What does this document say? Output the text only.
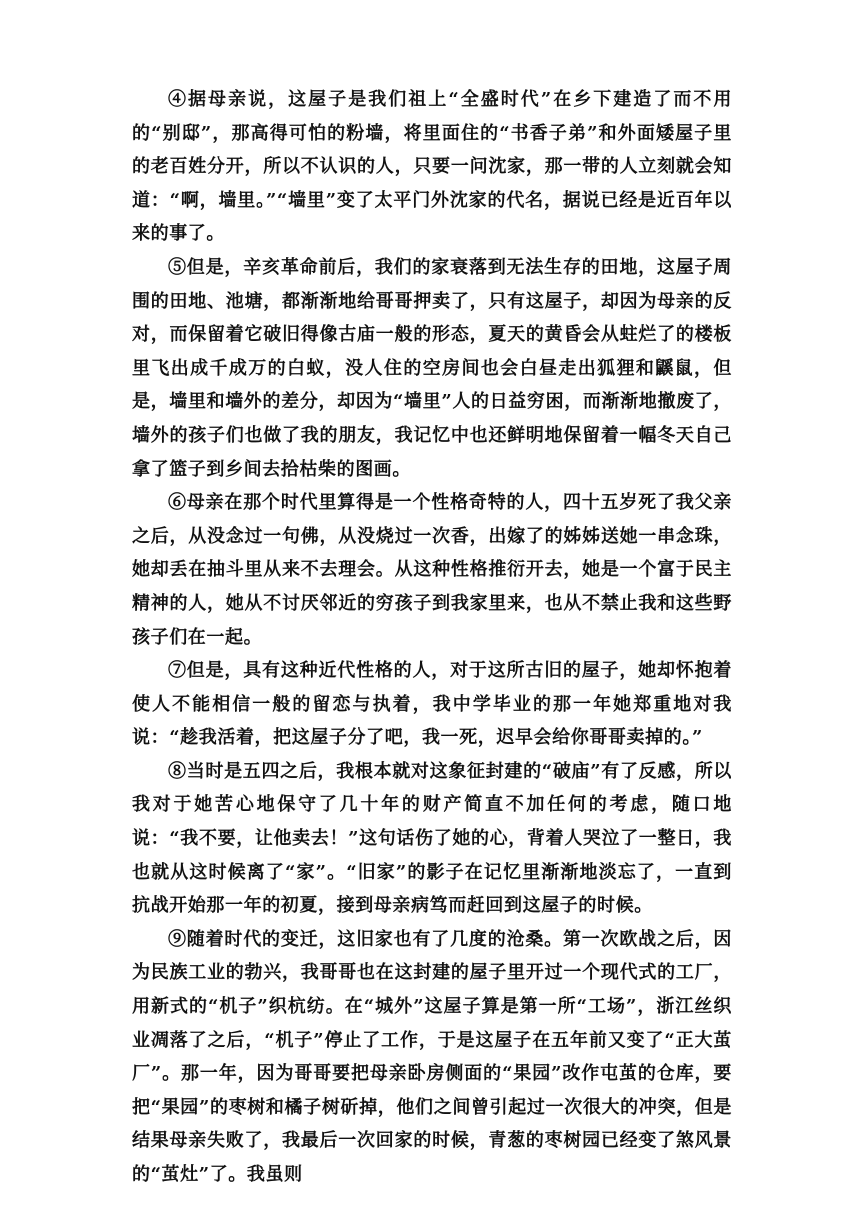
④据母亲说，这屋子是我们祖上“全盛时代”在乡下建造了而不用的“别邸”，那高得可怕的粉墙，将里面住的“书香子弟”和外面矮屋子里的老百姓分开，所以不认识的人，只要一问沈家，那一带的人立刻就会知道：“啊，墙里。”“墙里”变了太平门外沈家的代名，据说已经是近百年以来的事了。

⑤但是，辛亥革命前后，我们的家衰落到无法生存的田地，这屋子周围的田地、池塘，都渐渐地给哥哥押卖了，只有这屋子，却因为母亲的反对，而保留着它破旧得像古庙一般的形态，夏天的黄昏会从蛀烂了的楼板里飞出成千成万的白蚁，没人住的空房间也会白昼走出狐狸和鼷鼠，但是，墙里和墙外的差分，却因为“墙里”人的日益穷困，而渐渐地撤废了，墙外的孩子们也做了我的朋友，我记忆中也还鲜明地保留着一幅冬天自己拿了篮子到乡间去拾枯柴的图画。

⑥母亲在那个时代里算得是一个性格奇特的人，四十五岁死了我父亲之后，从没念过一句佛，从没烧过一次香，出嫁了的姊姊送她一串念珠，她却丢在抽斗里从来不去理会。从这种性格推衍开去，她是一个富于民主精神的人，她从不讨厌邻近的穷孩子到我家里来，也从不禁止我和这些野孩子们在一起。

⑦但是，具有这种近代性格的人，对于这所古旧的屋子，她却怀抱着使人不能相信一般的留恋与执着，我中学毕业的那一年她郑重地对我说：“趁我活着，把这屋子分了吧，我一死，迟早会给你哥哥卖掉的。”

⑧当时是五四之后，我根本就对这象征封建的“破庙”有了反感，所以我对于她苦心地保守了几十年的财产简直不加任何的考虑，随口地说：“我不要，让他卖去！”这句话伤了她的心，背着人哭泣了一整日，我也就从这时候离了“家”。“旧家”的影子在记忆里渐渐地淡忘了，一直到抗战开始那一年的初夏，接到母亲病笃而赶回到这屋子的时候。

⑨随着时代的变迁，这旧家也有了几度的沧桑。第一次欧战之后，因为民族工业的勃兴，我哥哥也在这封建的屋子里开过一个现代式的工厂，用新式的“机子”织杭纺。在“城外”这屋子算是第一所“工场”，浙江丝织业凋落了之后，“机子”停止了工作，于是这屋子在五年前又变了“正大茧厂”。那一年，因为哥哥要把母亲卧房侧面的“果园”改作屯茧的仓库，要把“果园”的枣树和橘子树斫掉，他们之间曾引起过一次很大的冲突，但是结果母亲失败了，我最后一次回家的时候，青葱的枣树园已经变了煞风景的“茧灶”了。我虽则
